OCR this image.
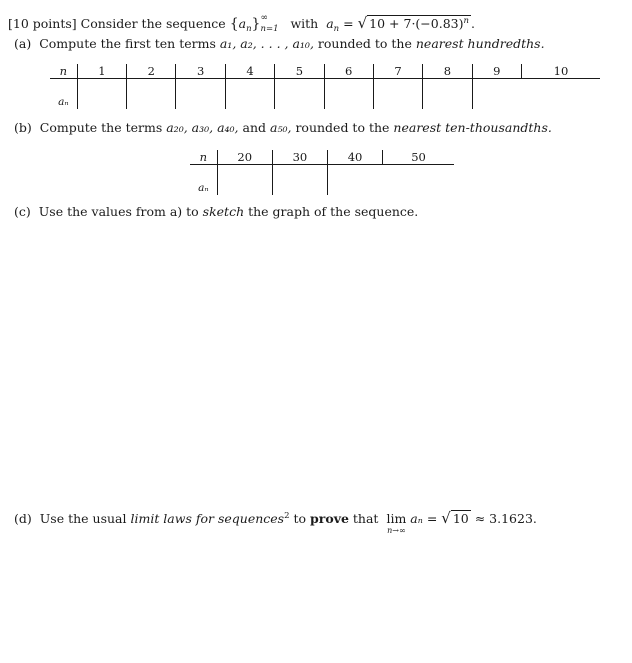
[10 points] Consider the sequence $\{a_n\}$ ∞
n=1 with $a_n$ = √ $10 + 7\cdot(-0.83)^n$ .
(a) Compute the first ten terms a₁, a₂, . . . , a₁₀, rounded to the nearest hundredths.
n	1	2	3	4	5	6	7	8	9	10
aₙ										
(b) Compute the terms a₂₀, a₃₀, a₄₀, and a₅₀, rounded to the nearest ten-thousandths.
n	20	30	40	50
aₙ				
(c) Use the values from a) to sketch the graph of the sequence.
(d) Use the usual limit laws for sequences$^2$ to prove that lim
n→∞
aₙ = √ 10 ≈ 3.1623.
